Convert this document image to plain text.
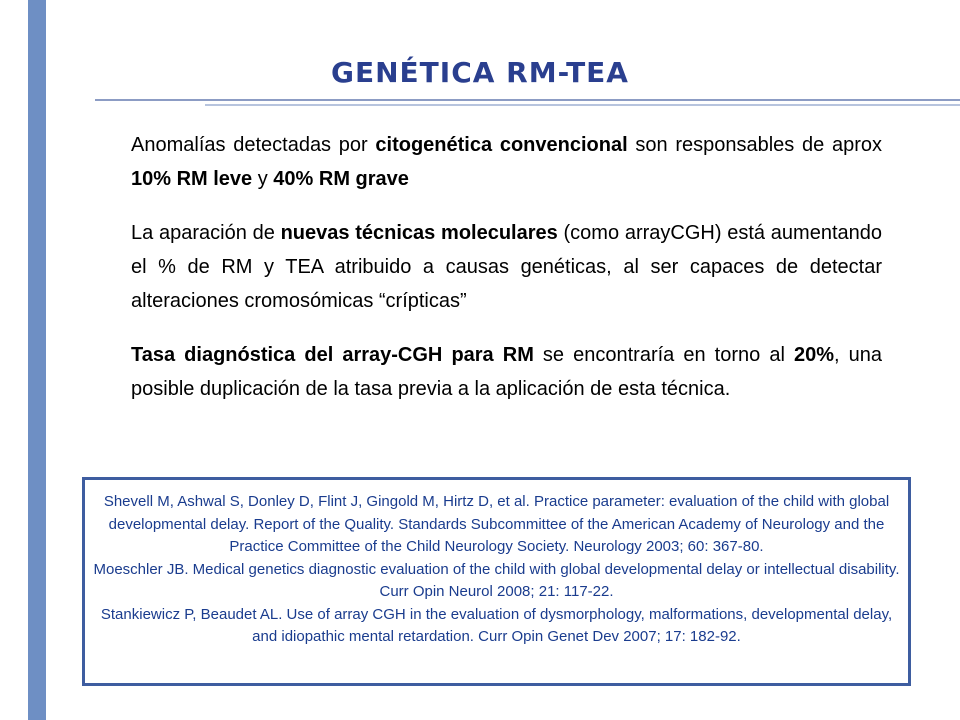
GENÉTICA RM-TEA

Anomalías detectadas por citogenética convencional son responsables de aprox 10% RM leve y 40% RM grave

La aparación de nuevas técnicas moleculares (como arrayCGH) está aumentando el % de RM y TEA atribuido a causas genéticas, al ser capaces de detectar alteraciones cromosómicas “crípticas”

Tasa diagnóstica del array-CGH para RM se encontraría en torno al 20%, una posible duplicación de la tasa previa a la aplicación de esta técnica.

Shevell M, Ashwal S, Donley D, Flint J, Gingold M, Hirtz D, et al. Practice parameter: evaluation of the child with global developmental delay. Report of the Quality. Standards Subcommittee of the American Academy of Neurology and the Practice Committee of the Child Neurology Society. Neurology 2003; 60: 367-80.
Moeschler JB. Medical genetics diagnostic evaluation of the child with global developmental delay or intellectual disability. Curr Opin Neurol 2008; 21: 117-22.
Stankiewicz P, Beaudet AL. Use of array CGH in the evaluation of dysmorphology, malformations, developmental delay, and idiopathic mental retardation. Curr Opin Genet Dev 2007; 17: 182-92.
